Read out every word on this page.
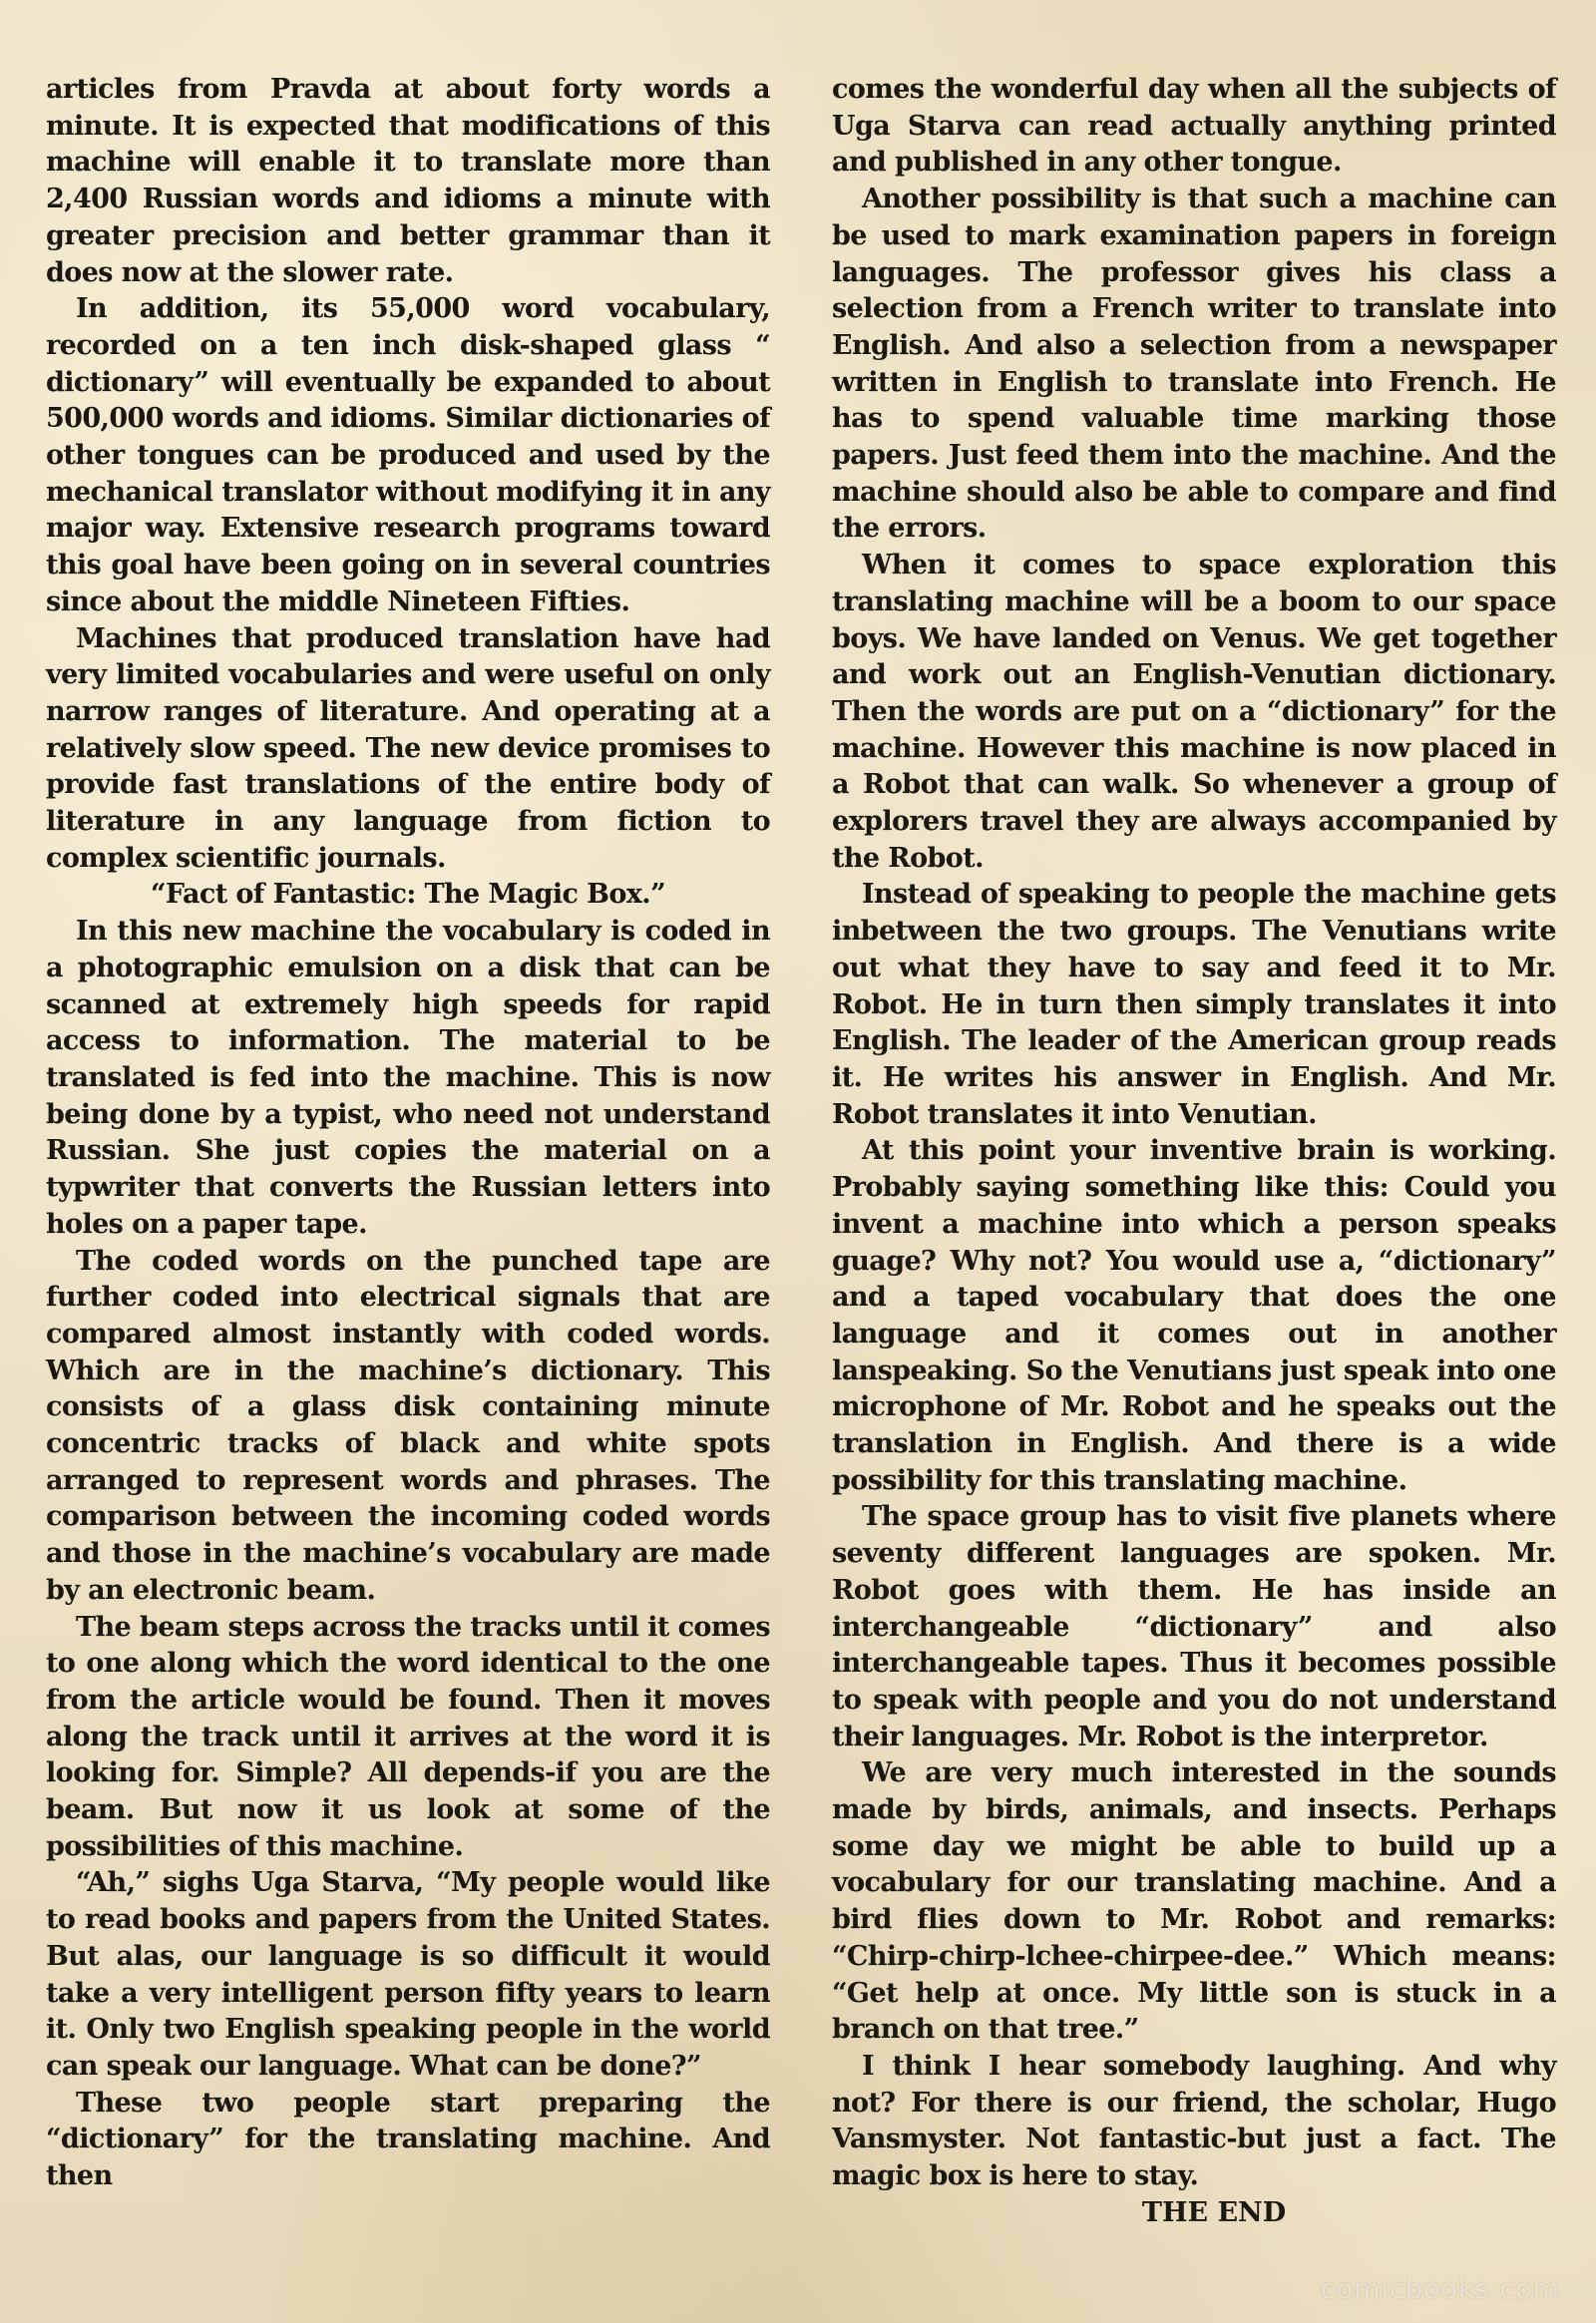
articles from Pravda at about forty words a minute. It is expected that modifications of this machine will enable it to translate more than 2,400 Russian words and idioms a minute with greater precision and better grammar than it does now at the slower rate.

In addition, its 55,000 word vocabulary, recorded on a ten inch disk-shaped glass “ dictionary” will eventually be expanded to about 500,000 words and idioms. Similar dictionaries of other tongues can be produced and used by the mechanical translator without modifying it in any major way. Extensive research programs toward this goal have been going on in several countries since about the middle Nineteen Fifties.

Machines that produced translation have had very limited vocabularies and were useful on only narrow ranges of literature. And operating at a relatively slow speed. The new device promises to provide fast translations of the entire body of literature in any language from fiction to complex scientific journals.

“Fact of Fantastic: The Magic Box.”

In this new machine the vocabulary is coded in a photographic emulsion on a disk that can be scanned at extremely high speeds for rapid access to information. The material to be translated is fed into the machine. This is now being done by a typist, who need not understand Russian. She just copies the material on a typwriter that converts the Russian letters into holes on a paper tape.

The coded words on the punched tape are further coded into electrical signals that are compared almost instantly with coded words. Which are in the machine’s dictionary. This consists of a glass disk containing minute concentric tracks of black and white spots arranged to represent words and phrases. The comparison between the incoming coded words and those in the machine’s vocabulary are made by an electronic beam.

The beam steps across the tracks until it comes to one along which the word identical to the one from the article would be found. Then it moves along the track until it arrives at the word it is looking for. Simple? All depends-if you are the beam. But now it us look at some of the possibilities of this machine.

“Ah,” sighs Uga Starva, “My people would like to read books and papers from the United States. But alas, our language is so difficult it would take a very intelligent person fifty years to learn it. Only two English speaking people in the world can speak our language. What can be done?”

These two people start preparing the “dictionary” for the translating machine. And then

comes the wonderful day when all the subjects of Uga Starva can read actually anything printed and published in any other tongue.

Another possibility is that such a machine can be used to mark examination papers in foreign languages. The professor gives his class a selection from a French writer to translate into English. And also a selection from a newspaper written in English to translate into French. He has to spend valuable time marking those papers. Just feed them into the machine. And the machine should also be able to compare and find the errors.

When it comes to space exploration this translating machine will be a boom to our space boys. We have landed on Venus. We get together and work out an English-Venutian dictionary. Then the words are put on a “dictionary” for the machine. However this machine is now placed in a Robot that can walk. So whenever a group of explorers travel they are always accompanied by the Robot.

Instead of speaking to people the machine gets inbetween the two groups. The Venutians write out what they have to say and feed it to Mr. Robot. He in turn then simply translates it into English. The leader of the American group reads it. He writes his answer in English. And Mr. Robot translates it into Venutian.

At this point your inventive brain is working. Probably saying something like this: Could you invent a machine into which a person speaks guage? Why not? You would use a, “dictionary” and a taped vocabulary that does the one language and it comes out in another lanspeaking. So the Venutians just speak into one microphone of Mr. Robot and he speaks out the translation in English. And there is a wide possibility for this translating machine.

The space group has to visit five planets where seventy different languages are spoken. Mr. Robot goes with them. He has inside an interchangeable “dictionary” and also interchangeable tapes. Thus it becomes possible to speak with people and you do not understand their languages. Mr. Robot is the interpretor.

We are very much interested in the sounds made by birds, animals, and insects. Perhaps some day we might be able to build up a vocabulary for our translating machine. And a bird flies down to Mr. Robot and remarks: “Chirp-chirp-lchee-chirpee-dee.” Which means: “Get help at once. My little son is stuck in a branch on that tree.”

I think I hear somebody laughing. And why not? For there is our friend, the scholar, Hugo Vansmyster. Not fantastic-but just a fact. The magic box is here to stay.

THE END
comicbooks.com
